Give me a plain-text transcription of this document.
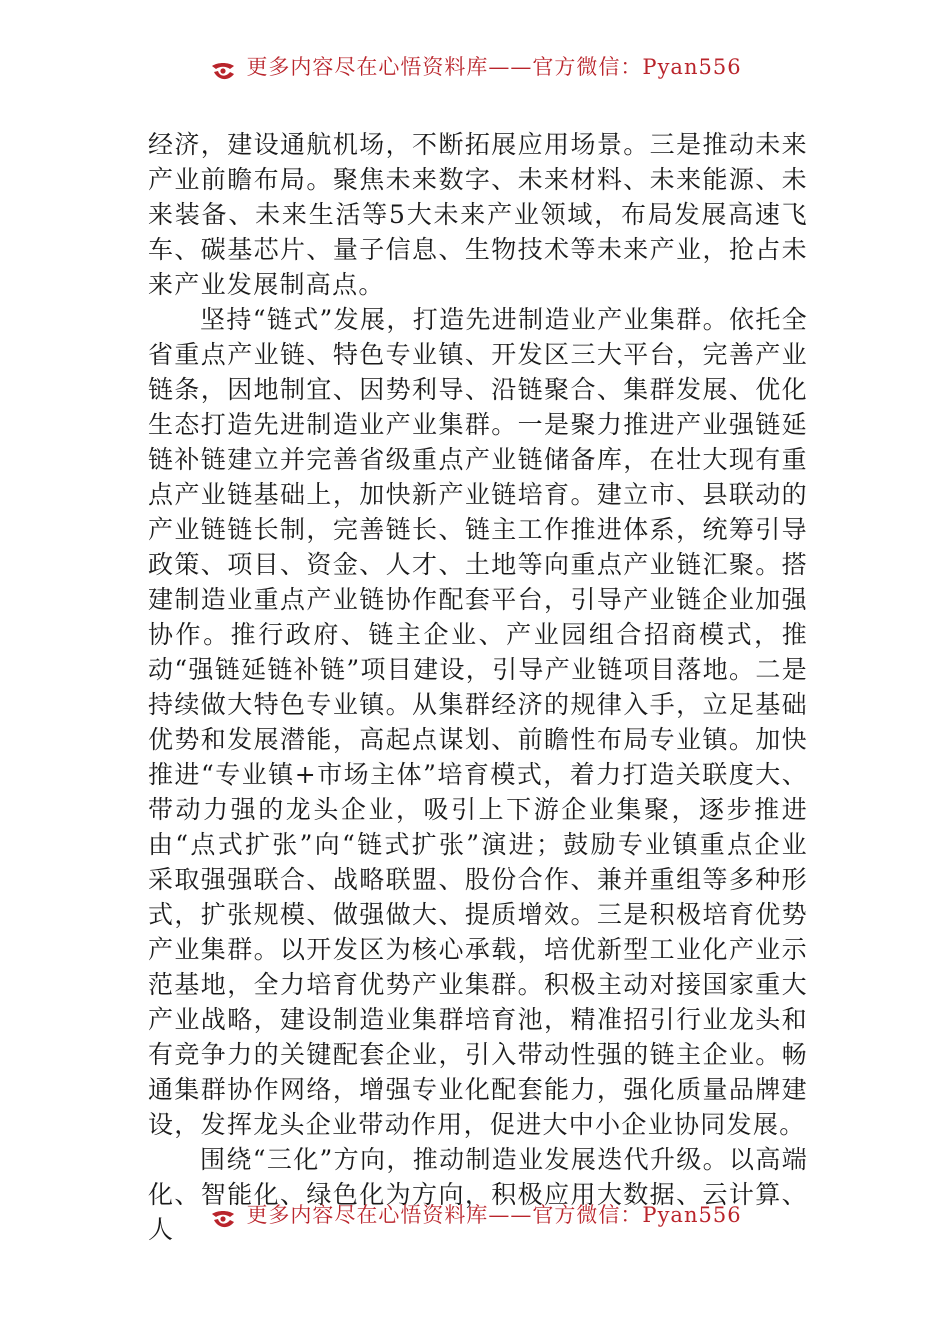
更多内容尽在心悟资料库——官方微信：Pyan556

经济，建设通航机场，不断拓展应用场景。三是推动未来产业前瞻布局。聚焦未来数字、未来材料、未来能源、未来装备、未来生活等5大未来产业领域，布局发展高速飞车、碳基芯片、量子信息、生物技术等未来产业，抢占未来产业发展制高点。

坚持“链式”发展，打造先进制造业产业集群。依托全省重点产业链、特色专业镇、开发区三大平台，完善产业链条，因地制宜、因势利导、沿链聚合、集群发展、优化生态打造先进制造业产业集群。一是聚力推进产业强链延链补链建立并完善省级重点产业链储备库，在壮大现有重点产业链基础上，加快新产业链培育。建立市、县联动的产业链链长制，完善链长、链主工作推进体系，统筹引导政策、项目、资金、人才、土地等向重点产业链汇聚。搭建制造业重点产业链协作配套平台，引导产业链企业加强协作。推行政府、链主企业、产业园组合招商模式，推动“强链延链补链”项目建设，引导产业链项目落地。二是持续做大特色专业镇。从集群经济的规律入手，立足基础优势和发展潜能，高起点谋划、前瞻性布局专业镇。加快推进“专业镇+市场主体”培育模式，着力打造关联度大、带动力强的龙头企业，吸引上下游企业集聚，逐步推进由“点式扩张”向“链式扩张”演进；鼓励专业镇重点企业采取强强联合、战略联盟、股份合作、兼并重组等多种形式，扩张规模、做强做大、提质增效。三是积极培育优势产业集群。以开发区为核心承载，培优新型工业化产业示范基地，全力培育优势产业集群。积极主动对接国家重大产业战略，建设制造业集群培育池，精准招引行业龙头和有竞争力的关键配套企业，引入带动性强的链主企业。畅通集群协作网络，增强专业化配套能力，强化质量品牌建设，发挥龙头企业带动作用，促进大中小企业协同发展。

围绕“三化”方向，推动制造业发展迭代升级。以高端化、智能化、绿色化为方向，积极应用大数据、云计算、人	更多内容尽在心悟资料库——官方微信：Pyan556
